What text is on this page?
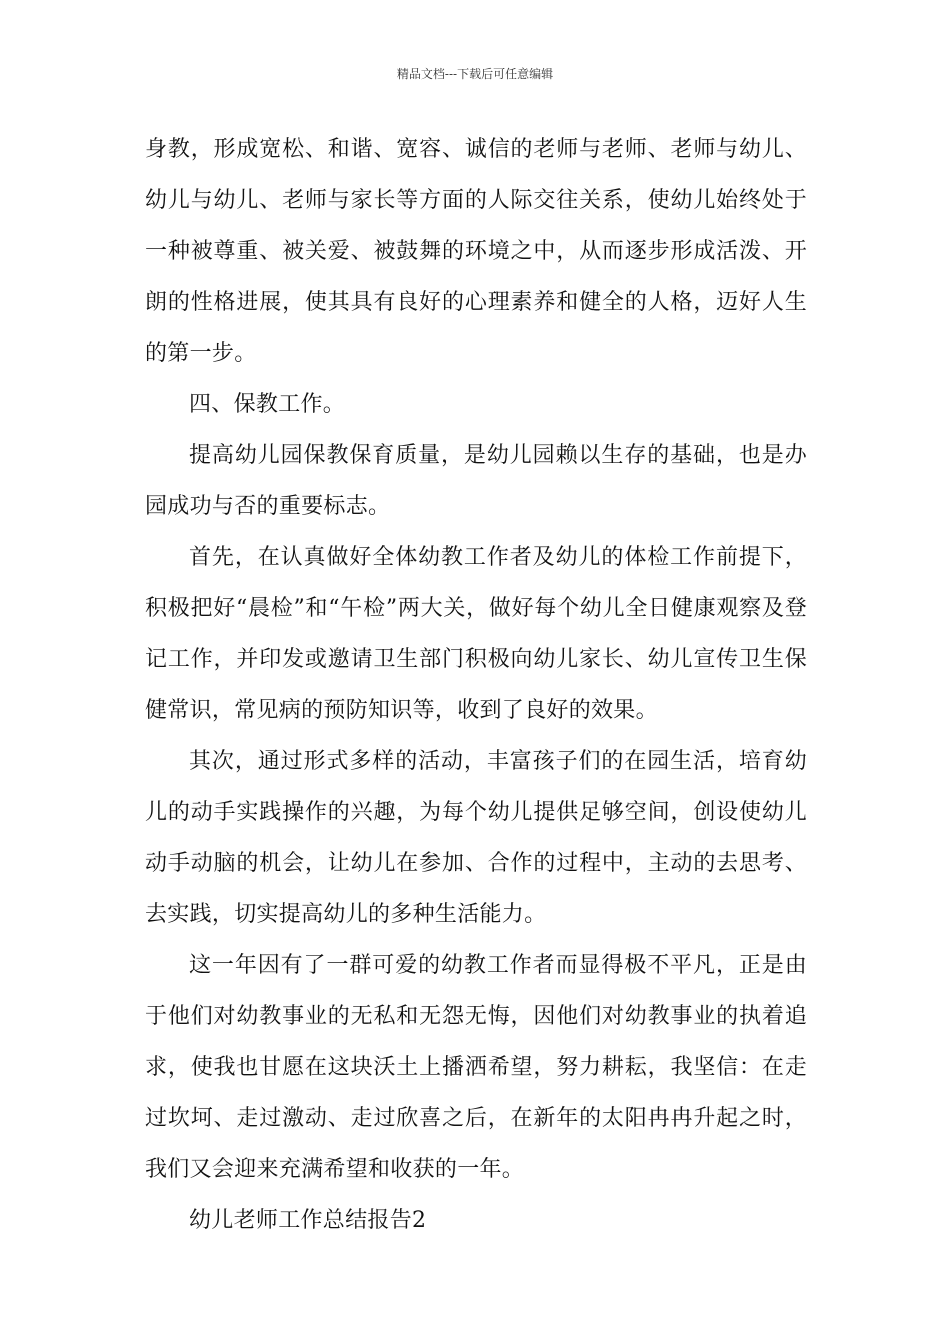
精品文档---下载后可任意编辑

身教，形成宽松、和谐、宽容、诚信的老师与老师、老师与幼儿、幼儿与幼儿、老师与家长等方面的人际交往关系，使幼儿始终处于一种被尊重、被关爱、被鼓舞的环境之中，从而逐步形成活泼、开朗的性格进展，使其具有良好的心理素养和健全的人格，迈好人生的第一步。

四、保教工作。

提高幼儿园保教保育质量，是幼儿园赖以生存的基础，也是办园成功与否的重要标志。

首先，在认真做好全体幼教工作者及幼儿的体检工作前提下，积极把好“晨检”和“午检”两大关，做好每个幼儿全日健康观察及登记工作，并印发或邀请卫生部门积极向幼儿家长、幼儿宣传卫生保健常识，常见病的预防知识等，收到了良好的效果。

其次，通过形式多样的活动，丰富孩子们的在园生活，培育幼儿的动手实践操作的兴趣，为每个幼儿提供足够空间，创设使幼儿动手动脑的机会，让幼儿在参加、合作的过程中，主动的去思考、去实践，切实提高幼儿的多种生活能力。

这一年因有了一群可爱的幼教工作者而显得极不平凡，正是由于他们对幼教事业的无私和无怨无悔，因他们对幼教事业的执着追求，使我也甘愿在这块沃土上播洒希望，努力耕耘，我坚信：在走过坎坷、走过激动、走过欣喜之后，在新年的太阳冉冉升起之时，我们又会迎来充满希望和收获的一年。

幼儿老师工作总结报告2
